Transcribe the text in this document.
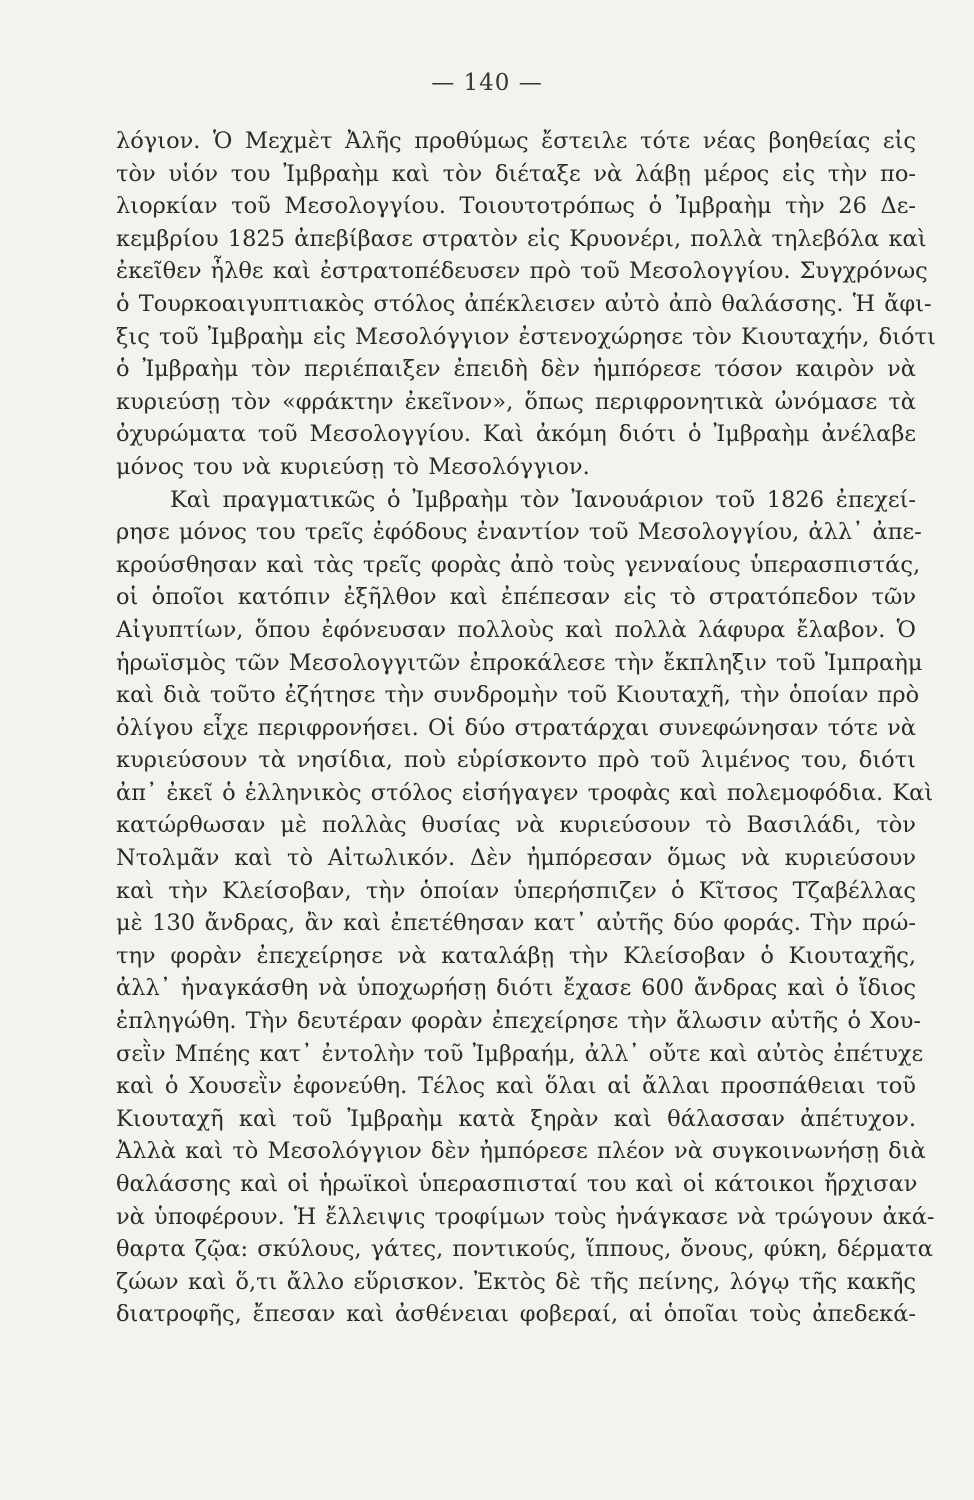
— 140 —
λόγιον. Ὁ Μεχμὲτ Ἀλῆς προθύμως ἔστειλε τότε νέας βοηθείας εἰς
τὸν υἱόν του Ἰμβραὴμ καὶ τὸν διέταξε νὰ λάβῃ μέρος εἰς τὴν πο-
λιορκίαν τοῦ Μεσολογγίου. Τοιουτοτρόπως ὁ Ἰμβραὴμ τὴν 26 Δε-
κεμβρίου 1825 ἀπεβίβασε στρατὸν εἰς Κρυονέρι, πολλὰ τηλεβόλα καὶ
ἐκεῖθεν ἦλθε καὶ ἐστρατοπέδευσεν πρὸ τοῦ Μεσολογγίου. Συγχρόνως
ὁ Τουρκοαιγυπτιακὸς στόλος ἀπέκλεισεν αὐτὸ ἀπὸ θαλάσσης. Ἡ ἄφι-
ξις τοῦ Ἰμβραὴμ εἰς Μεσολόγγιον ἐστενοχώρησε τὸν Κιουταχήν, διότι
ὁ Ἰμβραὴμ τὸν περιέπαιξεν ἐπειδὴ δὲν ἠμπόρεσε τόσον καιρὸν νὰ
κυριεύσῃ τὸν «φράκτην ἐκεῖνον», ὅπως περιφρονητικὰ ὠνόμασε τὰ
ὀχυρώματα τοῦ Μεσολογγίου. Καὶ ἀκόμη διότι ὁ Ἰμβραὴμ ἀνέλαβε
μόνος του νὰ κυριεύσῃ τὸ Μεσολόγγιον.
Καὶ πραγματικῶς ὁ Ἰμβραὴμ τὸν Ἰανουάριον τοῦ 1826 ἐπεχεί-
ρησε μόνος του τρεῖς ἐφόδους ἐναντίον τοῦ Μεσολογγίου, ἀλλ᾽ ἀπε-
κρούσθησαν καὶ τὰς τρεῖς φορὰς ἀπὸ τοὺς γενναίους ὑπερασπιστάς,
οἱ ὁποῖοι κατόπιν ἐξῆλθον καὶ ἐπέπεσαν εἰς τὸ στρατόπεδον τῶν
Αἰγυπτίων, ὅπου ἐφόνευσαν πολλοὺς καὶ πολλὰ λάφυρα ἔλαβον. Ὁ
ἡρωϊσμὸς τῶν Μεσολογγιτῶν ἐπροκάλεσε τὴν ἔκπληξιν τοῦ Ἰμπραὴμ
καὶ διὰ τοῦτο ἐζήτησε τὴν συνδρομὴν τοῦ Κιουταχῆ, τὴν ὁποίαν πρὸ
ὀλίγου εἶχε περιφρονήσει. Οἱ δύο στρατάρχαι συνεφώνησαν τότε νὰ
κυριεύσουν τὰ νησίδια, ποὺ εὑρίσκοντο πρὸ τοῦ λιμένος του, διότι
ἀπ᾽ ἐκεῖ ὁ ἑλληνικὸς στόλος εἰσήγαγεν τροφὰς καὶ πολεμοφόδια. Καὶ
κατώρθωσαν μὲ πολλὰς θυσίας νὰ κυριεύσουν τὸ Βασιλάδι, τὸν
Ντολμᾶν καὶ τὸ Αἰτωλικόν. Δὲν ἠμπόρεσαν ὅμως νὰ κυριεύσουν
καὶ τὴν Κλείσοβαν, τὴν ὁποίαν ὑπερήσπιζεν ὁ Κῖτσος Τζαβέλλας
μὲ 130 ἄνδρας, ἂν καὶ ἐπετέθησαν κατ᾽ αὐτῆς δύο φοράς. Τὴν πρώ-
την φορὰν ἐπεχείρησε νὰ καταλάβῃ τὴν Κλείσοβαν ὁ Κιουταχῆς,
ἀλλ᾽ ἠναγκάσθη νὰ ὑποχωρήσῃ διότι ἔχασε 600 ἄνδρας καὶ ὁ ἴδιος
ἐπληγώθη. Τὴν δευτέραν φορὰν ἐπεχείρησε τὴν ἅλωσιν αὐτῆς ὁ Χου-
σεῒν Μπέης κατ᾽ ἐντολὴν τοῦ Ἰμβραήμ, ἀλλ᾽ οὔτε καὶ αὐτὸς ἐπέτυχε
καὶ ὁ Χουσεῒν ἐφονεύθη. Τέλος καὶ ὅλαι αἱ ἄλλαι προσπάθειαι τοῦ
Κιουταχῆ καὶ τοῦ Ἰμβραὴμ κατὰ ξηρὰν καὶ θάλασσαν ἀπέτυχον.
Ἀλλὰ καὶ τὸ Μεσολόγγιον δὲν ἠμπόρεσε πλέον νὰ συγκοινωνήσῃ διὰ
θαλάσσης καὶ οἱ ἡρωϊκοὶ ὑπερασπισταί του καὶ οἱ κάτοικοι ἤρχισαν
νὰ ὑποφέρουν. Ἡ ἔλλειψις τροφίμων τοὺς ἠνάγκασε νὰ τρώγουν ἀκά-
θαρτα ζῷα: σκύλους, γάτες, ποντικούς, ἵππους, ὄνους, φύκη, δέρματα
ζώων καὶ ὅ,τι ἄλλο εὕρισκον. Ἐκτὸς δὲ τῆς πείνης, λόγῳ τῆς κακῆς
διατροφῆς, ἔπεσαν καὶ ἀσθένειαι φοβεραί, αἱ ὁποῖαι τοὺς ἀπεδεκά-
